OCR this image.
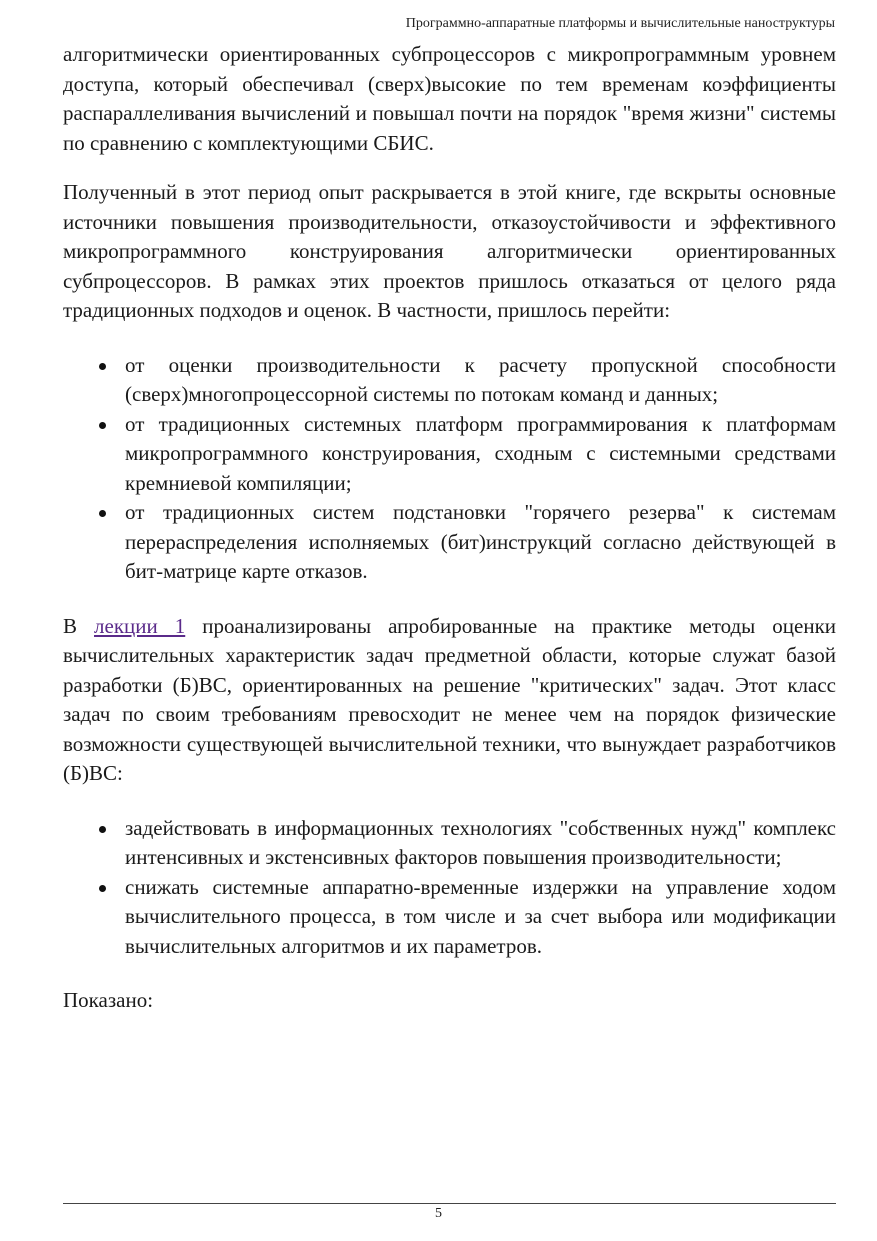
Программно-аппаратные платформы и вычислительные наноструктуры

алгоритмически ориентированных субпроцессоров с микропрограммным уровнем доступа, который обеспечивал (сверх)высокие по тем временам коэффициенты распараллеливания вычислений и повышал почти на порядок "время жизни" системы по сравнению с комплектующими СБИС.

Полученный в этот период опыт раскрывается в этой книге, где вскрыты основные источники повышения производительности, отказоустойчивости и эффективного микропрограммного конструирования алгоритмически ориентированных субпроцессоров. В рамках этих проектов пришлось отказаться от целого ряда традиционных подходов и оценок. В частности, пришлось перейти:

от оценки производительности к расчету пропускной способности (сверх)многопроцессорной системы по потокам команд и данных;
от традиционных системных платформ программирования к платформам микропрограммного конструирования, сходным с системными средствами кремниевой компиляции;
от традиционных систем подстановки "горячего резерва" к системам перераспределения исполняемых (бит)инструкций согласно действующей в бит-матрице карте отказов.

В лекции 1 проанализированы апробированные на практике методы оценки вычислительных характеристик задач предметной области, которые служат базой разработки (Б)ВС, ориентированных на решение "критических" задач. Этот класс задач по своим требованиям превосходит не менее чем на порядок физические возможности существующей вычислительной техники, что вынуждает разработчиков (Б)ВС:

задействовать в информационных технологиях "собственных нужд" комплекс интенсивных и экстенсивных факторов повышения производительности;
снижать системные аппаратно-временные издержки на управление ходом вычислительного процесса, в том числе и за счет выбора или модификации вычислительных алгоритмов и их параметров.

Показано:

5
